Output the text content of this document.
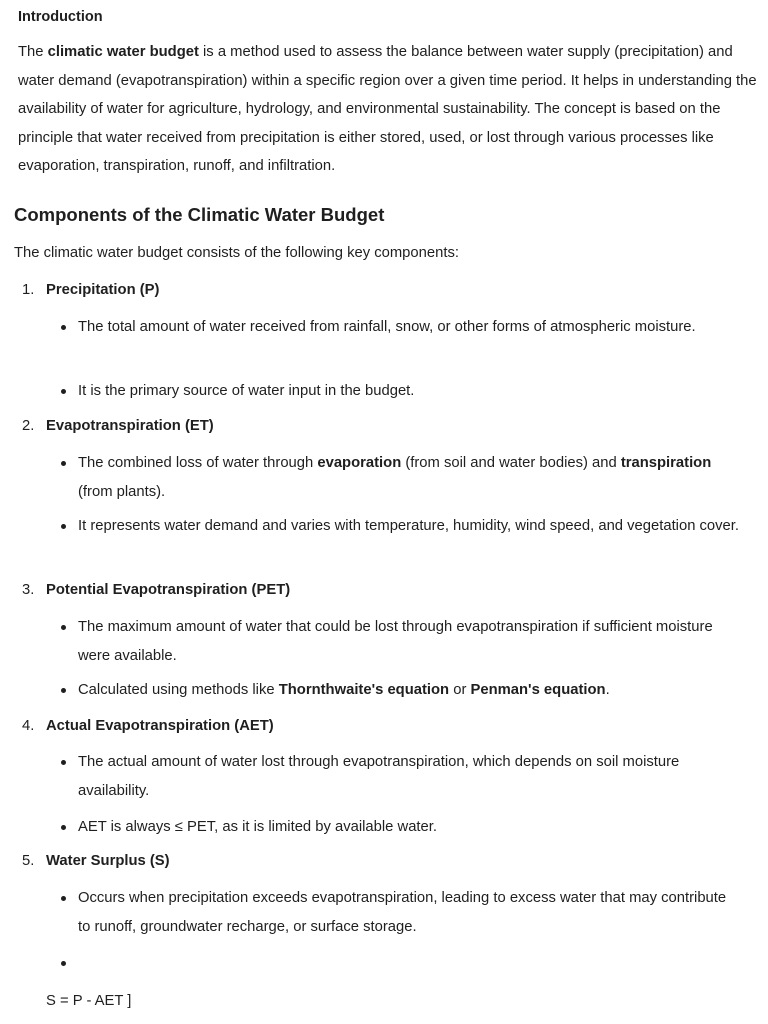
Introduction

The climatic water budget is a method used to assess the balance between water supply (precipitation) and water demand (evapotranspiration) within a specific region over a given time period. It helps in understanding the availability of water for agriculture, hydrology, and environmental sustainability. The concept is based on the principle that water received from precipitation is either stored, used, or lost through various processes like evaporation, transpiration, runoff, and infiltration.

Components of the Climatic Water Budget

The climatic water budget consists of the following key components:

1. Precipitation (P)

The total amount of water received from rainfall, snow, or other forms of atmospheric moisture.
It is the primary source of water input in the budget.

2. Evapotranspiration (ET)

The combined loss of water through evaporation (from soil and water bodies) and transpiration (from plants).
It represents water demand and varies with temperature, humidity, wind speed, and vegetation cover.

3. Potential Evapotranspiration (PET)

The maximum amount of water that could be lost through evapotranspiration if sufficient moisture were available.
Calculated using methods like Thornthwaite's equation or Penman's equation.

4. Actual Evapotranspiration (AET)

The actual amount of water lost through evapotranspiration, which depends on soil moisture availability.
AET is always ≤ PET, as it is limited by available water.

5. Water Surplus (S)

Occurs when precipitation exceeds evapotranspiration, leading to excess water that may contribute to runoff, groundwater recharge, or surface storage.

S = P - AET ]
